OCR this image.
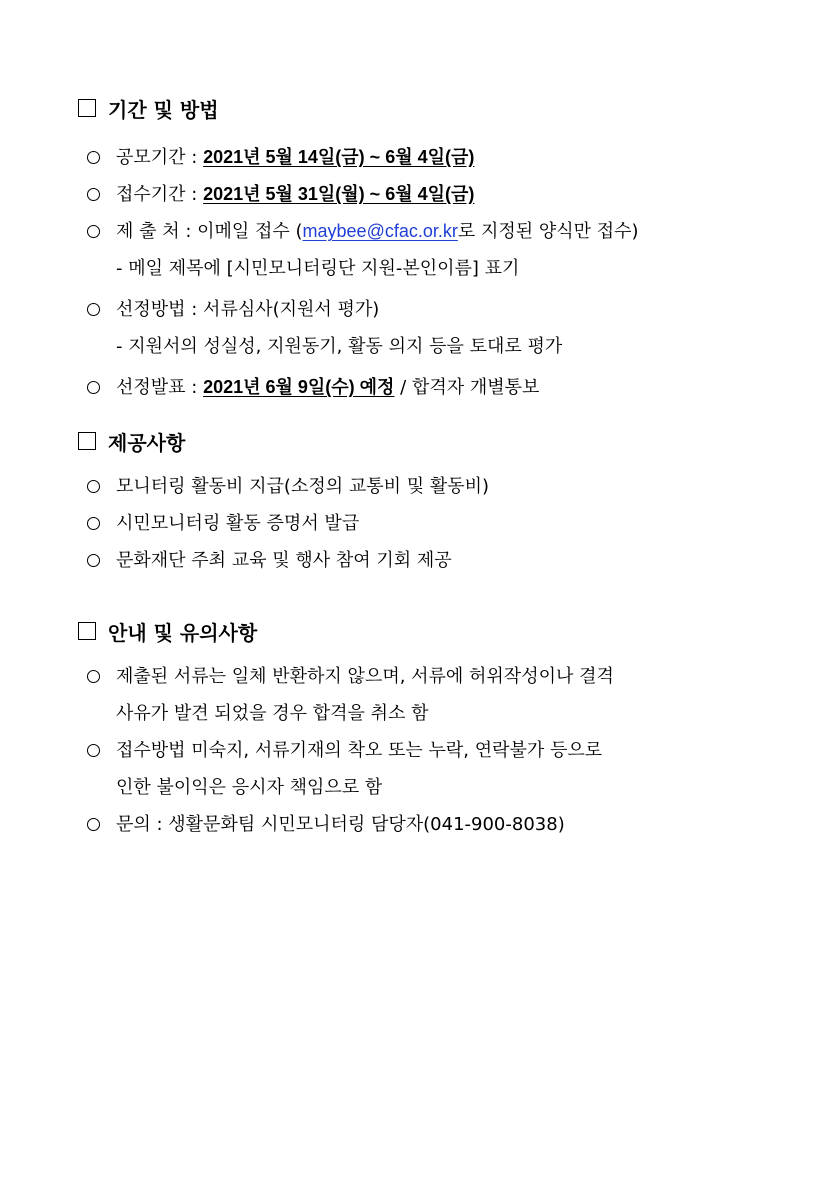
기간 및 방법
공모기간 : 2021년 5월 14일(금) ~ 6월 4일(금)
접수기간 : 2021년 5월 31일(월) ~ 6월 4일(금)
제 출 처 : 이메일 접수 (maybee@cfac.or.kr로 지정된 양식만 접수)
- 메일 제목에 [시민모니터링단 지원-본인이름] 표기
선정방법 : 서류심사(지원서 평가)
- 지원서의 성실성, 지원동기, 활동 의지 등을 토대로 평가
선정발표 : 2021년 6월 9일(수) 예정 / 합격자 개별통보
제공사항
모니터링 활동비 지급(소정의 교통비 및 활동비)
시민모니터링 활동 증명서 발급
문화재단 주최 교육 및 행사 참여 기회 제공
안내 및 유의사항
제출된 서류는 일체 반환하지 않으며, 서류에 허위작성이나 결격
사유가 발견 되었을 경우 합격을 취소 함
접수방법 미숙지, 서류기재의 착오 또는 누락, 연락불가 등으로
인한 불이익은 응시자 책임으로 함
문의 : 생활문화팀 시민모니터링 담당자(041-900-8038)
